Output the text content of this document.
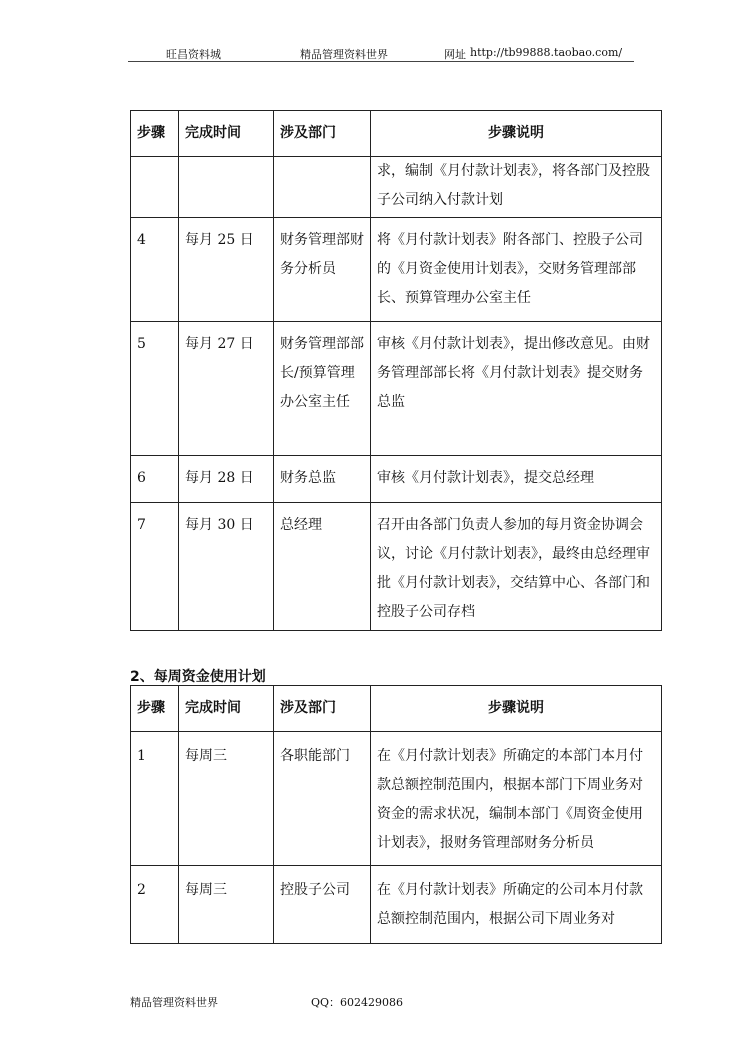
旺昌资料城	精品管理资料世界	网址 http://tb99888.taobao.com/
步骤	完成时间	涉及部门	步骤说明
			求，编制《月付款计划表》，将各部门及控股子公司纳入付款计划
4	每月 25 日	财务管理部财务分析员	将《月付款计划表》附各部门、控股子公司的《月资金使用计划表》，交财务管理部部长、预算管理办公室主任
5	每月 27 日	财务管理部部长/预算管理办公室主任	审核《月付款计划表》，提出修改意见。由财务管理部部长将《月付款计划表》提交财务总监
6	每月 28 日	财务总监	审核《月付款计划表》，提交总经理
7	每月 30 日	总经理	召开由各部门负责人参加的每月资金协调会议，讨论《月付款计划表》，最终由总经理审批《月付款计划表》，交结算中心、各部门和控股子公司存档
2、每周资金使用计划
步骤	完成时间	涉及部门	步骤说明
1	每周三	各职能部门	在《月付款计划表》所确定的本部门本月付款总额控制范围内，根据本部门下周业务对资金的需求状况，编制本部门《周资金使用计划表》，报财务管理部财务分析员
2	每周三	控股子公司	在《月付款计划表》所确定的公司本月付款总额控制范围内，根据公司下周业务对
精品管理资料世界	QQ：602429086
